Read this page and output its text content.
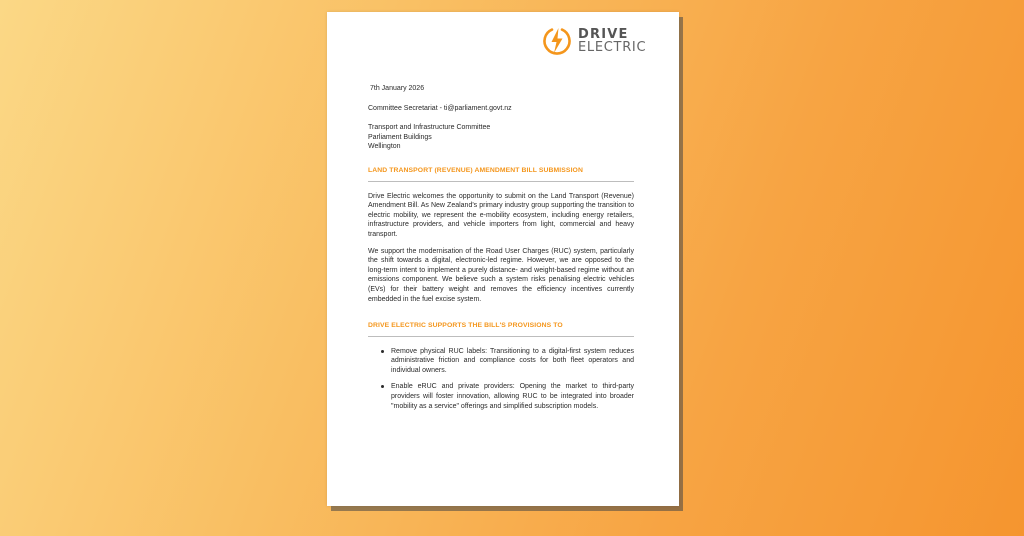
DRIVE
ELECTRIC
7th January 2026
Committee Secretariat - ti@parliament.govt.nz
Transport and Infrastructure Committee
Parliament Buildings
Wellington
LAND TRANSPORT (REVENUE) AMENDMENT BILL SUBMISSION

Drive Electric welcomes the opportunity to submit on the Land Transport (Revenue) Amendment Bill. As New Zealand's primary industry group supporting the transition to electric mobility, we represent the e-mobility ecosystem, including energy retailers, infrastructure providers, and vehicle importers from light, commercial and heavy transport.

We support the modernisation of the Road User Charges (RUC) system, particularly the shift towards a digital, electronic-led regime. However, we are opposed to the long-term intent to implement a purely distance- and weight-based regime without an emissions component. We believe such a system risks penalising electric vehicles (EVs) for their battery weight and removes the efficiency incentives currently embedded in the fuel excise system.

DRIVE ELECTRIC SUPPORTS THE BILL'S PROVISIONS TO
Remove physical RUC labels: Transitioning to a digital-first system reduces administrative friction and compliance costs for both fleet operators and individual owners.
Enable eRUC and private providers: Opening the market to third-party providers will foster innovation, allowing RUC to be integrated into broader "mobility as a service" offerings and simplified subscription models.
